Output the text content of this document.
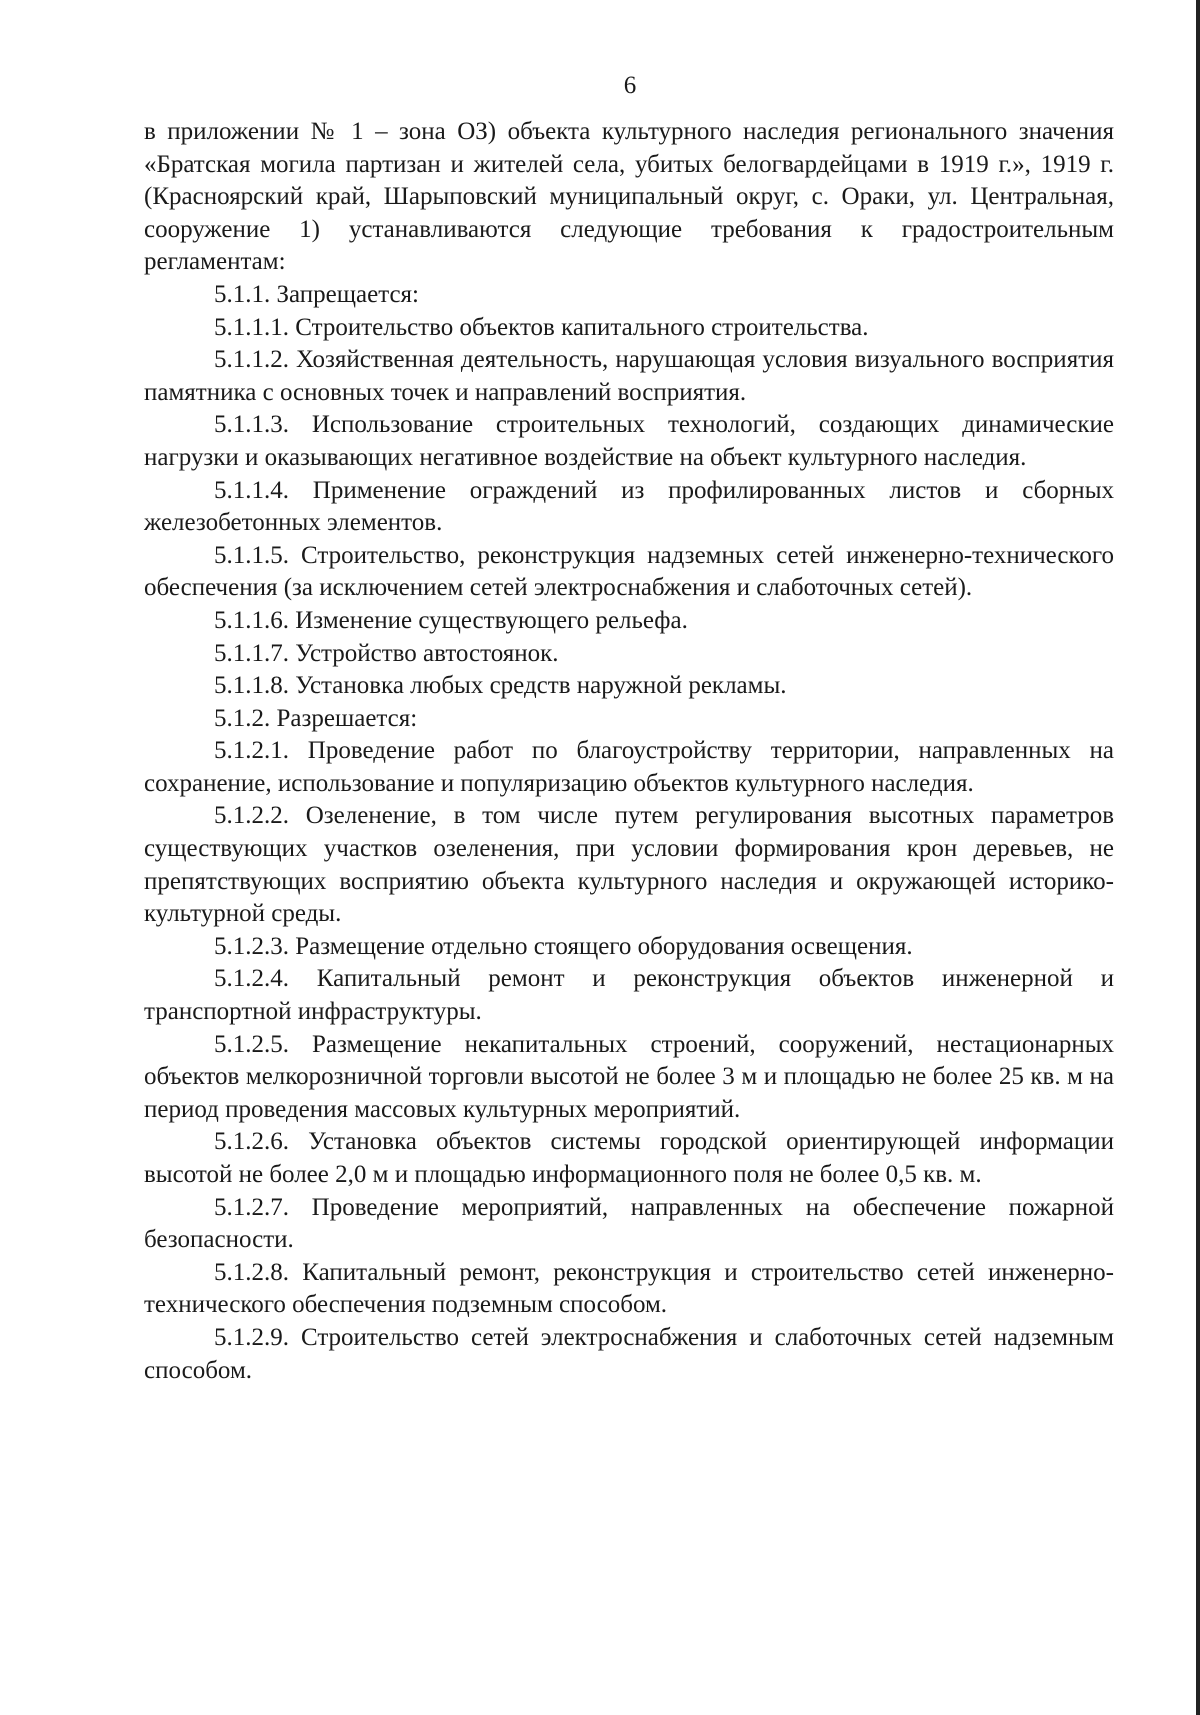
6

в приложении № 1 – зона ОЗ) объекта культурного наследия регионального значения «Братская могила партизан и жителей села, убитых белогвардейцами в 1919 г.», 1919 г. (Красноярский край, Шарыповский муниципальный округ, с. Ораки, ул. Центральная, сооружение 1) устанавливаются следующие требования к градостроительным регламентам:

5.1.1. Запрещается:

5.1.1.1. Строительство объектов капитального строительства.

5.1.1.2. Хозяйственная деятельность, нарушающая условия визуального восприятия памятника с основных точек и направлений восприятия.

5.1.1.3. Использование строительных технологий, создающих динамические нагрузки и оказывающих негативное воздействие на объект культурного наследия.

5.1.1.4. Применение ограждений из профилированных листов и сборных железобетонных элементов.

5.1.1.5. Строительство, реконструкция надземных сетей инженерно-технического обеспечения (за исключением сетей электроснабжения и слаботочных сетей).

5.1.1.6. Изменение существующего рельефа.

5.1.1.7. Устройство автостоянок.

5.1.1.8. Установка любых средств наружной рекламы.

5.1.2. Разрешается:

5.1.2.1. Проведение работ по благоустройству территории, направленных на сохранение, использование и популяризацию объектов культурного наследия.

5.1.2.2. Озеленение, в том числе путем регулирования высотных параметров существующих участков озеленения, при условии формирования крон деревьев, не препятствующих восприятию объекта культурного наследия и окружающей историко-культурной среды.

5.1.2.3. Размещение отдельно стоящего оборудования освещения.

5.1.2.4. Капитальный ремонт и реконструкция объектов инженерной и транспортной инфраструктуры.

5.1.2.5. Размещение некапитальных строений, сооружений, нестационарных объектов мелкорозничной торговли высотой не более 3 м и площадью не более 25 кв. м на период проведения массовых культурных мероприятий.

5.1.2.6. Установка объектов системы городской ориентирующей информации высотой не более 2,0 м и площадью информационного поля не более 0,5 кв. м.

5.1.2.7. Проведение мероприятий, направленных на обеспечение пожарной безопасности.

5.1.2.8. Капитальный ремонт, реконструкция и строительство сетей инженерно-технического обеспечения подземным способом.

5.1.2.9. Строительство сетей электроснабжения и слаботочных сетей надземным способом.
